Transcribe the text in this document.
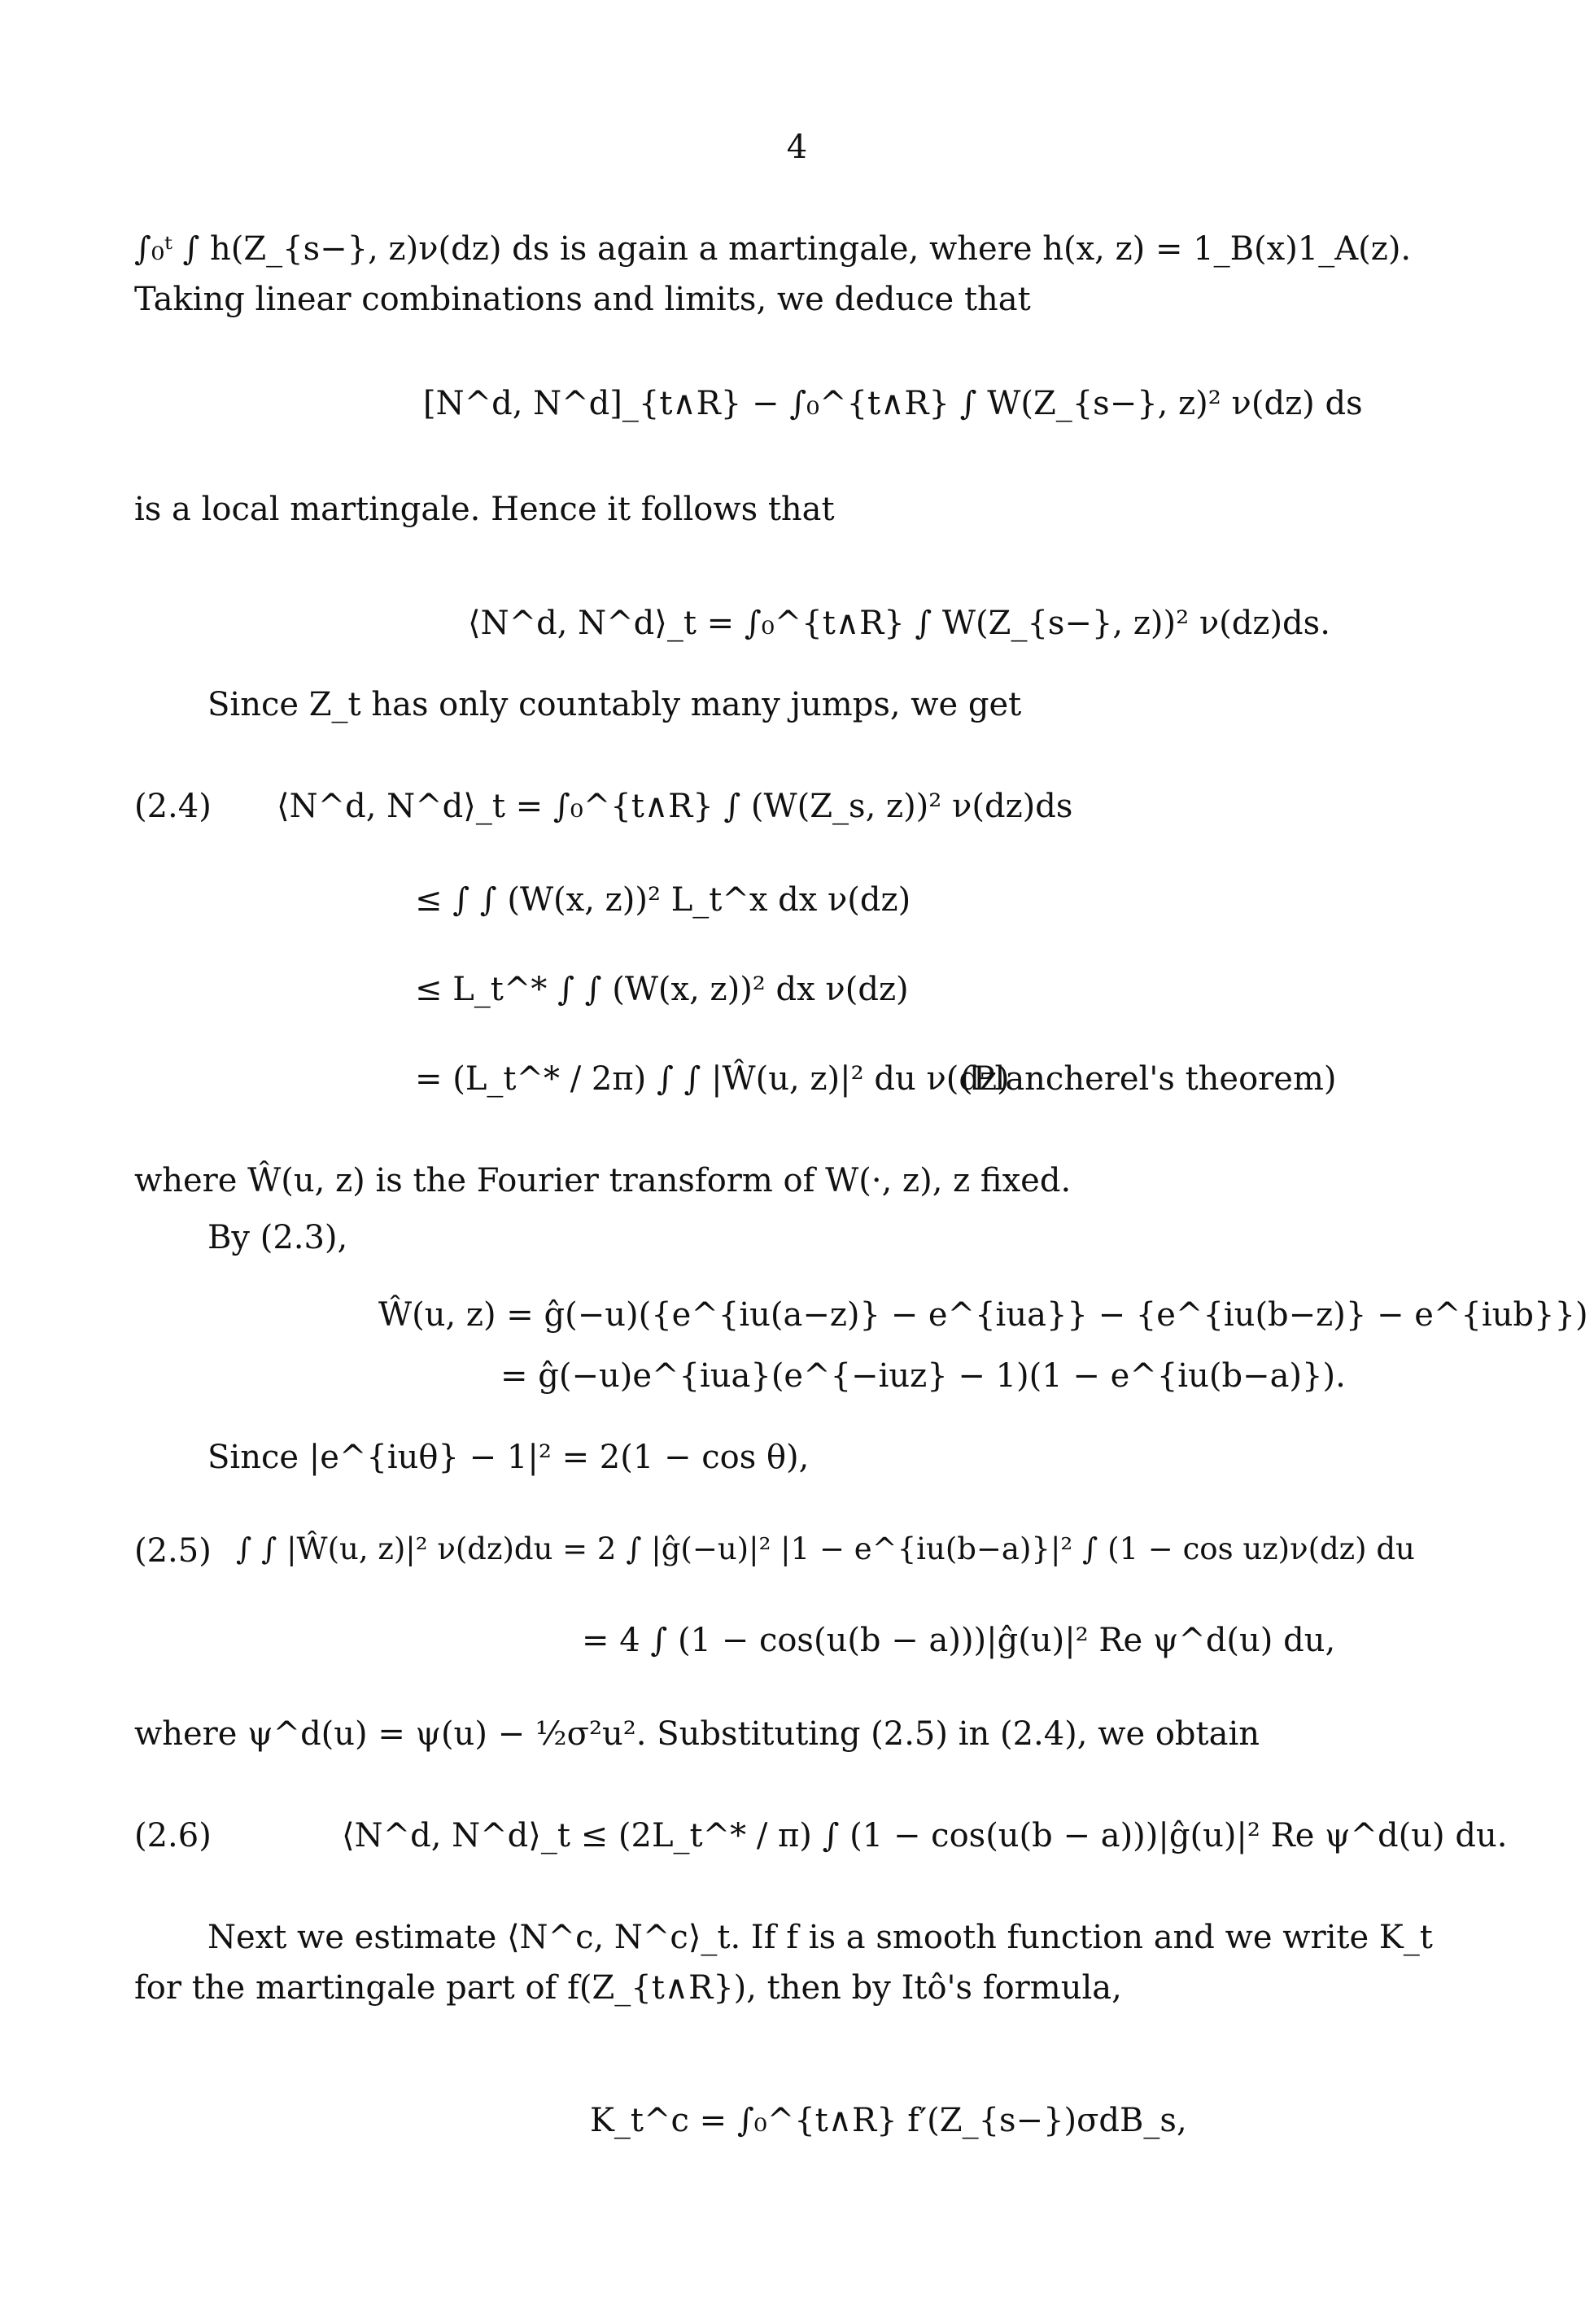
4
∫₀ᵗ ∫ h(Z_{s−}, z)ν(dz) ds is again a martingale, where h(x, z) = 1_B(x)1_A(z). Taking linear combinations and limits, we deduce that
[N^d, N^d]_{t∧R} − ∫₀^{t∧R} ∫ W(Z_{s−}, z)² ν(dz) ds
is a local martingale. Hence it follows that
⟨N^d, N^d⟩_t = ∫₀^{t∧R} ∫ W(Z_{s−}, z))² ν(dz)ds.
Since Z_t has only countably many jumps, we get
(2.4) ⟨N^d, N^d⟩_t = ∫₀^{t∧R} ∫ (W(Z_s, z))² ν(dz)ds
≤ ∫ ∫ (W(x, z))² L_t^x dx ν(dz)
≤ L_t^* ∫ ∫ (W(x, z))² dx ν(dz)
= (L_t^* / 2π) ∫ ∫ |Ŵ(u, z)|² du ν(dz)
(Plancherel's theorem)
where Ŵ(u, z) is the Fourier transform of W(·, z), z fixed.
By (2.3),
Ŵ(u, z) = ĝ(−u)({e^{iu(a−z)} − e^{iua}} − {e^{iu(b−z)} − e^{iub}})
= ĝ(−u)e^{iua}(e^{−iuz} − 1)(1 − e^{iu(b−a)}).
Since |e^{iuθ} − 1|² = 2(1 − cos θ),
(2.5) ∫ ∫ |Ŵ(u, z)|² ν(dz)du = 2 ∫ |ĝ(−u)|² |1 − e^{iu(b−a)}|² ∫ (1 − cos uz)ν(dz) du
= 4 ∫ (1 − cos(u(b − a)))|ĝ(u)|² Re ψ^d(u) du,
where ψ^d(u) = ψ(u) − ½σ²u². Substituting (2.5) in (2.4), we obtain
(2.6)	⟨N^d, N^d⟩_t ≤ (2L_t^* / π) ∫ (1 − cos(u(b − a)))|ĝ(u)|² Re ψ^d(u) du.
Next we estimate ⟨N^c, N^c⟩_t. If f is a smooth function and we write K_t for the martingale part of f(Z_{t∧R}), then by Itô's formula,
K_t^c = ∫₀^{t∧R} f′(Z_{s−})σdB_s,
